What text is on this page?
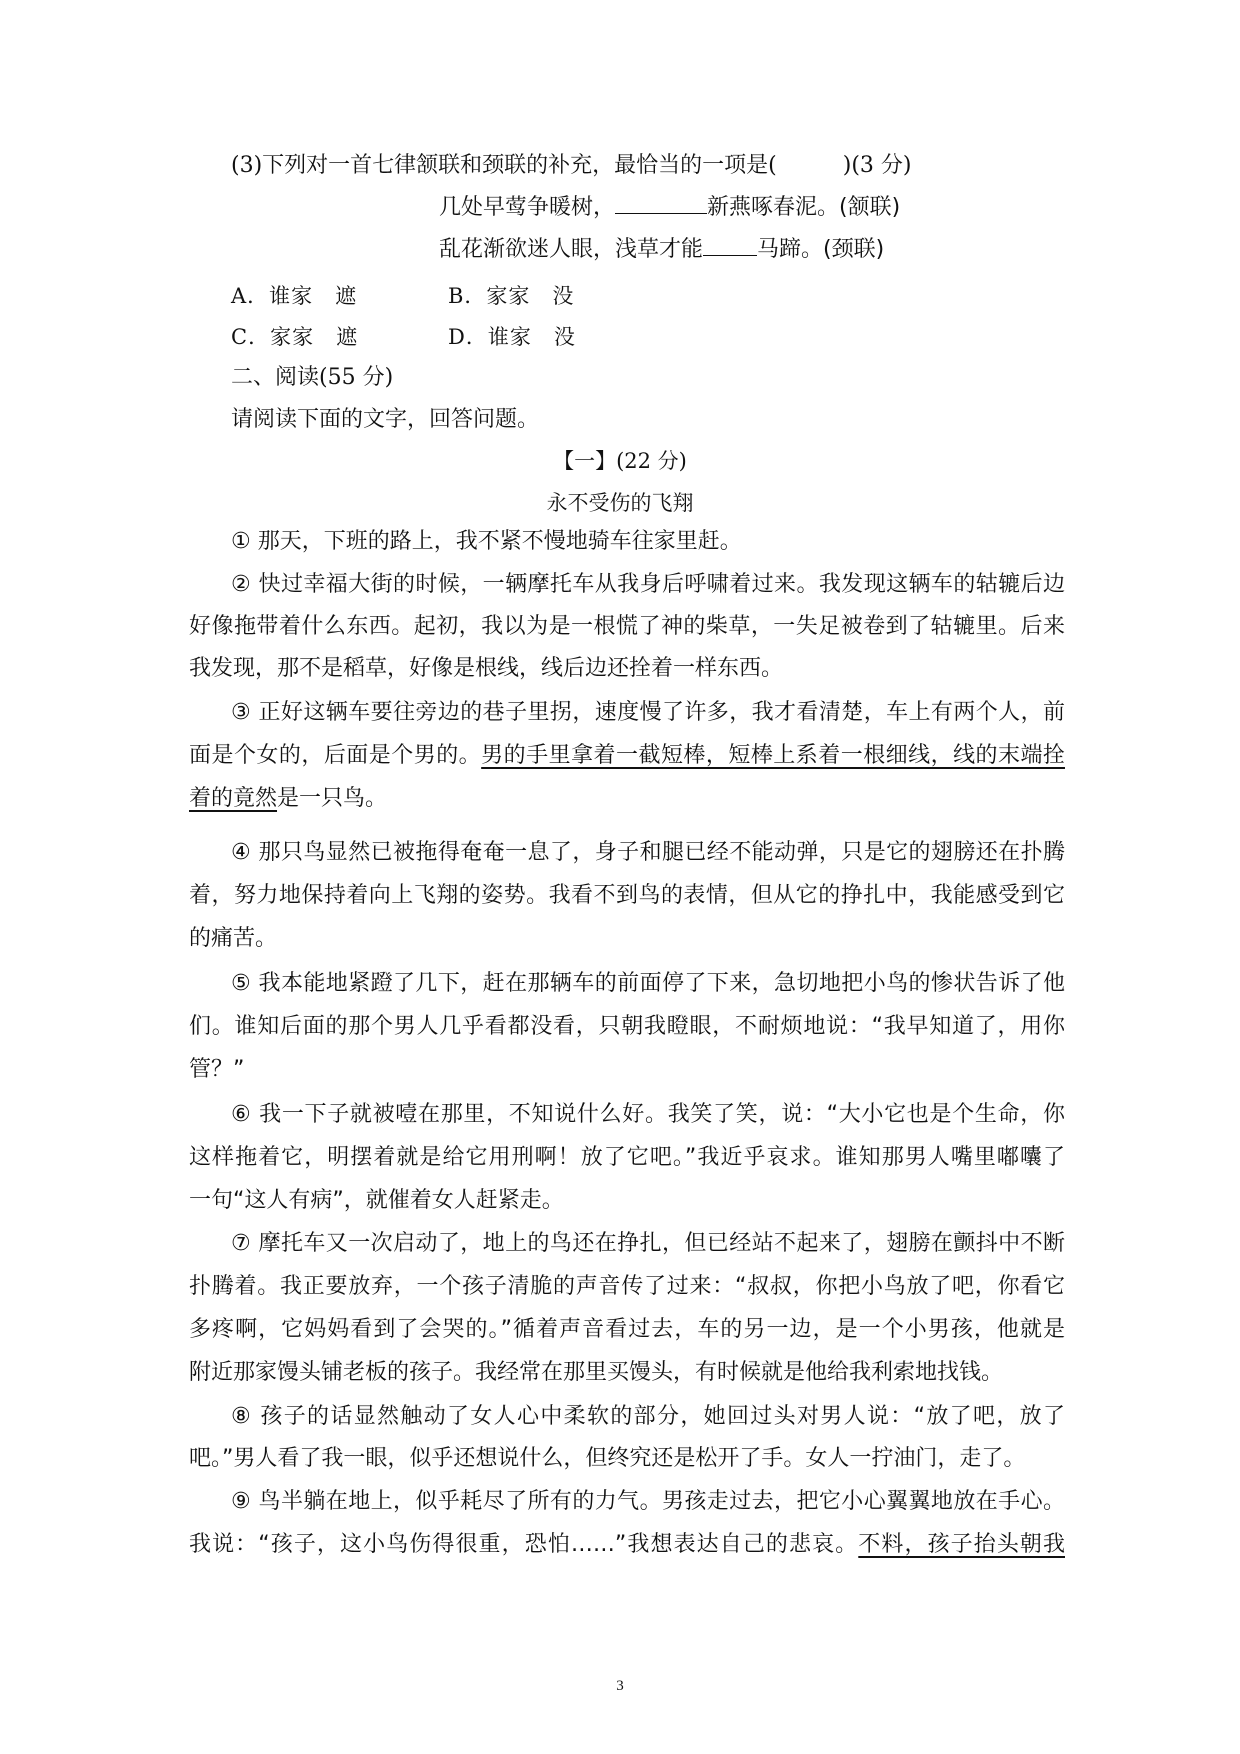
(3)下列对一首七律颔联和颈联的补充，最恰当的一项是(　　　)(3 分)
几处早莺争暖树，	新燕啄春泥。(颔联)
乱花渐欲迷人眼，浅草才能 马蹄。(颈联)
A．谁家　遮	B．家家　没
C．家家　遮	D．谁家　没
二、阅读(55 分)
请阅读下面的文字，回答问题。
【一】(22 分)
永不受伤的飞翔
① 那天，下班的路上，我不紧不慢地骑车往家里赶。
② 快过幸福大街的时候，一辆摩托车从我身后呼啸着过来。我发现这辆车的轱辘后边
好像拖带着什么东西。起初，我以为是一根慌了神的柴草，一失足被卷到了轱辘里。后来
我发现，那不是稻草，好像是根线，线后边还拴着一样东西。
③ 正好这辆车要往旁边的巷子里拐，速度慢了许多，我才看清楚，车上有两个人，前
面是个女的，后面是个男的。男的手里拿着一截短棒，短棒上系着一根细线，线的末端拴
着的竟然是一只鸟。
④ 那只鸟显然已被拖得奄奄一息了，身子和腿已经不能动弹，只是它的翅膀还在扑腾
着，努力地保持着向上飞翔的姿势。我看不到鸟的表情，但从它的挣扎中，我能感受到它
的痛苦。
⑤ 我本能地紧蹬了几下，赶在那辆车的前面停了下来，急切地把小鸟的惨状告诉了他
们。谁知后面的那个男人几乎看都没看，只朝我瞪眼，不耐烦地说：“我早知道了，用你
管？”
⑥ 我一下子就被噎在那里，不知说什么好。我笑了笑，说：“大小它也是个生命，你
这样拖着它，明摆着就是给它用刑啊！放了它吧。”我近乎哀求。谁知那男人嘴里嘟囔了
一句“这人有病”，就催着女人赶紧走。
⑦ 摩托车又一次启动了，地上的鸟还在挣扎，但已经站不起来了，翅膀在颤抖中不断
扑腾着。我正要放弃，一个孩子清脆的声音传了过来：“叔叔，你把小鸟放了吧，你看它
多疼啊，它妈妈看到了会哭的。”循着声音看过去，车的另一边，是一个小男孩，他就是
附近那家馒头铺老板的孩子。我经常在那里买馒头，有时候就是他给我利索地找钱。
⑧ 孩子的话显然触动了女人心中柔软的部分，她回过头对男人说：“放了吧，放了
吧。”男人看了我一眼，似乎还想说什么，但终究还是松开了手。女人一拧油门，走了。
⑨ 鸟半躺在地上，似乎耗尽了所有的力气。男孩走过去，把它小心翼翼地放在手心。
我说：“孩子，这小鸟伤得很重，恐怕……”我想表达自己的悲哀。不料，孩子抬头朝我
3
